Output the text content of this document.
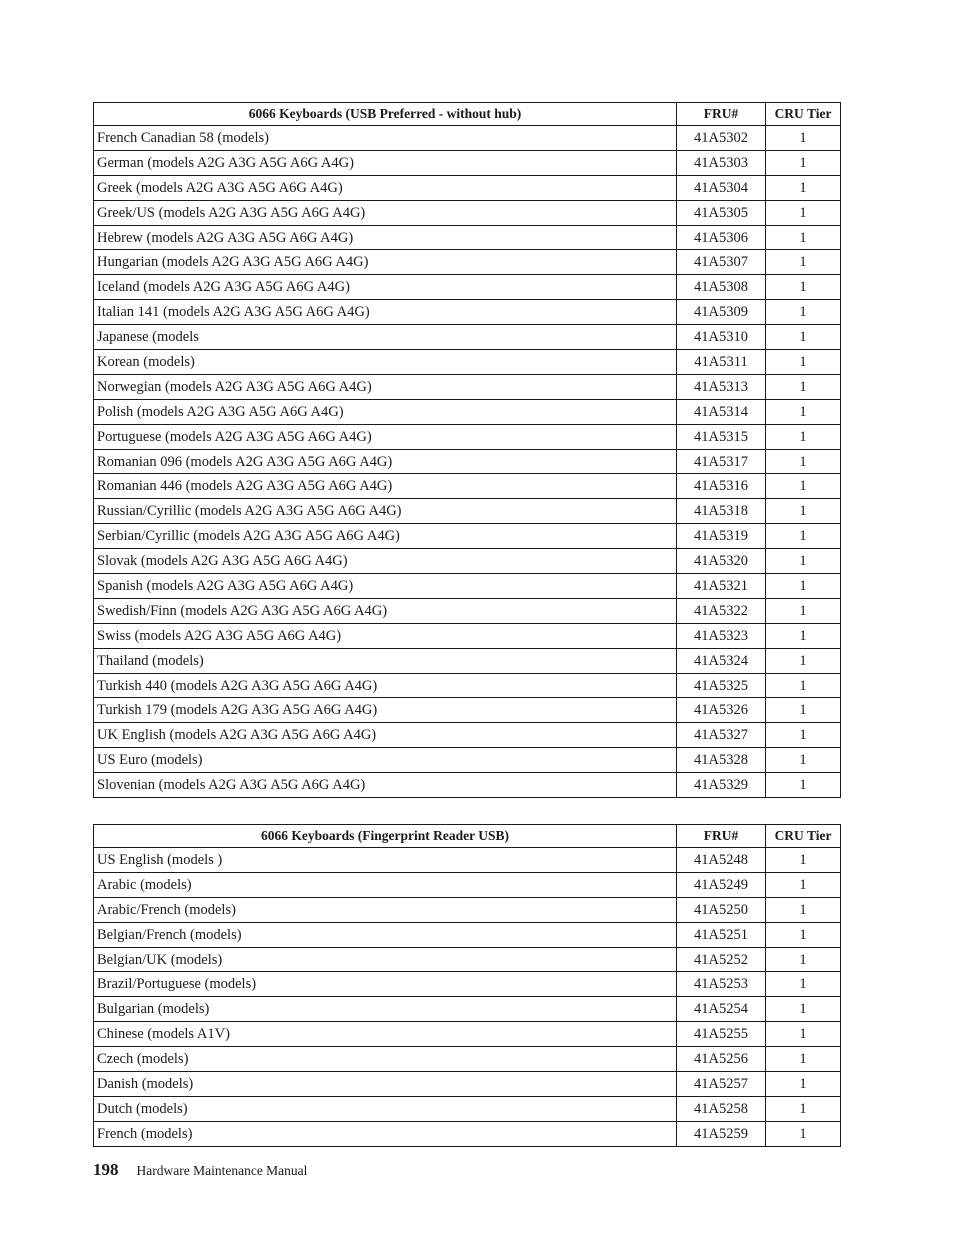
6066 Keyboards (USB Preferred - without hub)	FRU#	CRU Tier
French Canadian 58 (models)	41A5302	1
German (models A2G A3G A5G A6G A4G)	41A5303	1
Greek (models A2G A3G A5G A6G A4G)	41A5304	1
Greek/US (models A2G A3G A5G A6G A4G)	41A5305	1
Hebrew (models A2G A3G A5G A6G A4G)	41A5306	1
Hungarian (models A2G A3G A5G A6G A4G)	41A5307	1
Iceland (models A2G A3G A5G A6G A4G)	41A5308	1
Italian 141 (models A2G A3G A5G A6G A4G)	41A5309	1
Japanese (models	41A5310	1
Korean (models)	41A5311	1
Norwegian (models A2G A3G A5G A6G A4G)	41A5313	1
Polish (models A2G A3G A5G A6G A4G)	41A5314	1
Portuguese (models A2G A3G A5G A6G A4G)	41A5315	1
Romanian 096 (models A2G A3G A5G A6G A4G)	41A5317	1
Romanian 446 (models A2G A3G A5G A6G A4G)	41A5316	1
Russian/Cyrillic (models A2G A3G A5G A6G A4G)	41A5318	1
Serbian/Cyrillic (models A2G A3G A5G A6G A4G)	41A5319	1
Slovak (models A2G A3G A5G A6G A4G)	41A5320	1
Spanish (models A2G A3G A5G A6G A4G)	41A5321	1
Swedish/Finn (models A2G A3G A5G A6G A4G)	41A5322	1
Swiss (models A2G A3G A5G A6G A4G)	41A5323	1
Thailand (models)	41A5324	1
Turkish 440 (models A2G A3G A5G A6G A4G)	41A5325	1
Turkish 179 (models A2G A3G A5G A6G A4G)	41A5326	1
UK English (models A2G A3G A5G A6G A4G)	41A5327	1
US Euro (models)	41A5328	1
Slovenian (models A2G A3G A5G A6G A4G)	41A5329	1
6066 Keyboards (Fingerprint Reader USB)	FRU#	CRU Tier
US English (models )	41A5248	1
Arabic (models)	41A5249	1
Arabic/French (models)	41A5250	1
Belgian/French (models)	41A5251	1
Belgian/UK (models)	41A5252	1
Brazil/Portuguese (models)	41A5253	1
Bulgarian (models)	41A5254	1
Chinese (models A1V)	41A5255	1
Czech (models)	41A5256	1
Danish (models)	41A5257	1
Dutch (models)	41A5258	1
French (models)	41A5259	1
198 Hardware Maintenance Manual
